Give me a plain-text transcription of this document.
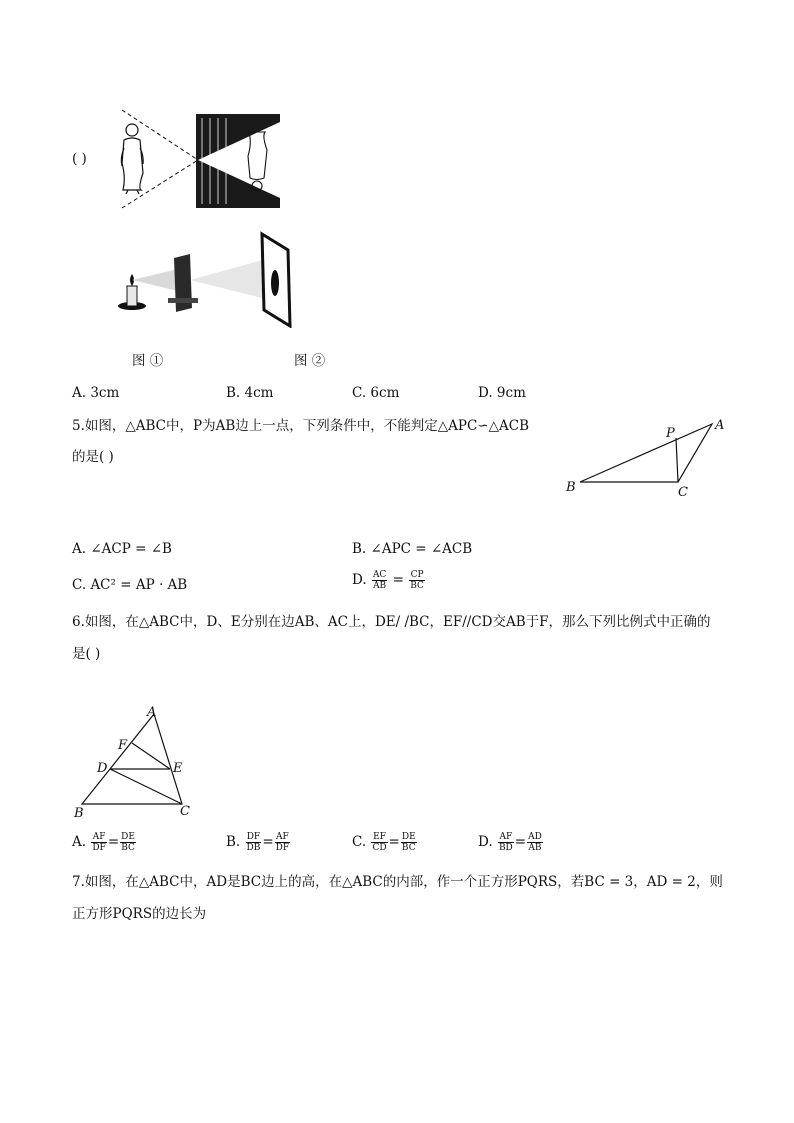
( )
图 ①	图 ②
A. 3cm	B. 4cm	C. 6cm	D. 9cm
5.如图，△ABC中，P为AB边上一点，下列条件中，不能判定△APC∽△ACB
的是( )
B
A
C
P
A. ∠ACP = ∠B	B. ∠APC = ∠ACB
C. AC² = AP · AB	D. $\frac{AC}{AB} = \frac{CP}{BC}$
6.如图，在△ABC中，D、E分别在边AB、AC上，DE/ /BC，EF//CD交AB于F，那么下列比例式中正确的
是( )
A
F
D	E
B	C
A. $\frac{AF}{DF} = \frac{DE}{BC}$	B. $\frac{DF}{DB} = \frac{AF}{DF}$	C. $\frac{EF}{CD} = \frac{DE}{BC}$	D. $\frac{AF}{BD} = \frac{AD}{AB}$
7.如图，在△ABC中，AD是BC边上的高，在△ABC的内部，作一个正方形PQRS，若BC = 3，AD = 2，则
正方形PQRS的边长为
